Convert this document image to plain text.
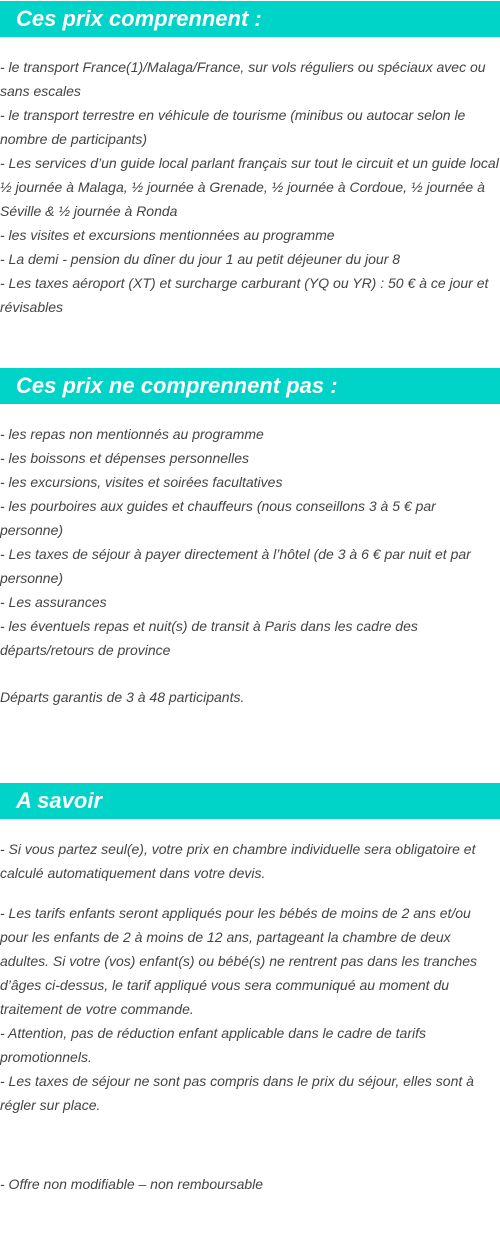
Ces prix comprennent :
- le transport France(1)/Malaga/France, sur vols réguliers ou spéciaux avec ou sans escales
- le transport terrestre en véhicule de tourisme (minibus ou autocar selon le nombre de participants)
- Les services d’un guide local parlant français sur tout le circuit et un guide local ½ journée à Malaga, ½ journée à Grenade, ½ journée à Cordoue, ½ journée à Séville & ½ journée à Ronda
- les visites et excursions mentionnées au programme
- La demi - pension du dîner du jour 1 au petit déjeuner du jour 8
- Les taxes aéroport (XT) et surcharge carburant (YQ ou YR) : 50 € à ce jour et révisables
Ces prix ne comprennent pas :
- les repas non mentionnés au programme
- les boissons et dépenses personnelles
- les excursions, visites et soirées facultatives
- les pourboires aux guides et chauffeurs (nous conseillons 3 à 5 € par personne)
- Les taxes de séjour à payer directement à l’hôtel (de 3 à 6 € par nuit et par personne)
- Les assurances
- les éventuels repas et nuit(s) de transit à Paris dans les cadre des départs/retours de province

Départs garantis de 3 à 48 participants.

A savoir

- Si vous partez seul(e), votre prix en chambre individuelle sera obligatoire et calculé automatiquement dans votre devis.

- Les tarifs enfants seront appliqués pour les bébés de moins de 2 ans et/ou pour les enfants de 2 à moins de 12 ans, partageant la chambre de deux adultes. Si votre (vos) enfant(s) ou bébé(s) ne rentrent pas dans les tranches d’âges ci-dessus, le tarif appliqué vous sera communiqué au moment du traitement de votre commande.
- Attention, pas de réduction enfant applicable dans le cadre de tarifs promotionnels.
- Les taxes de séjour ne sont pas compris dans le prix du séjour, elles sont à régler sur place.

- Offre non modifiable – non remboursable
